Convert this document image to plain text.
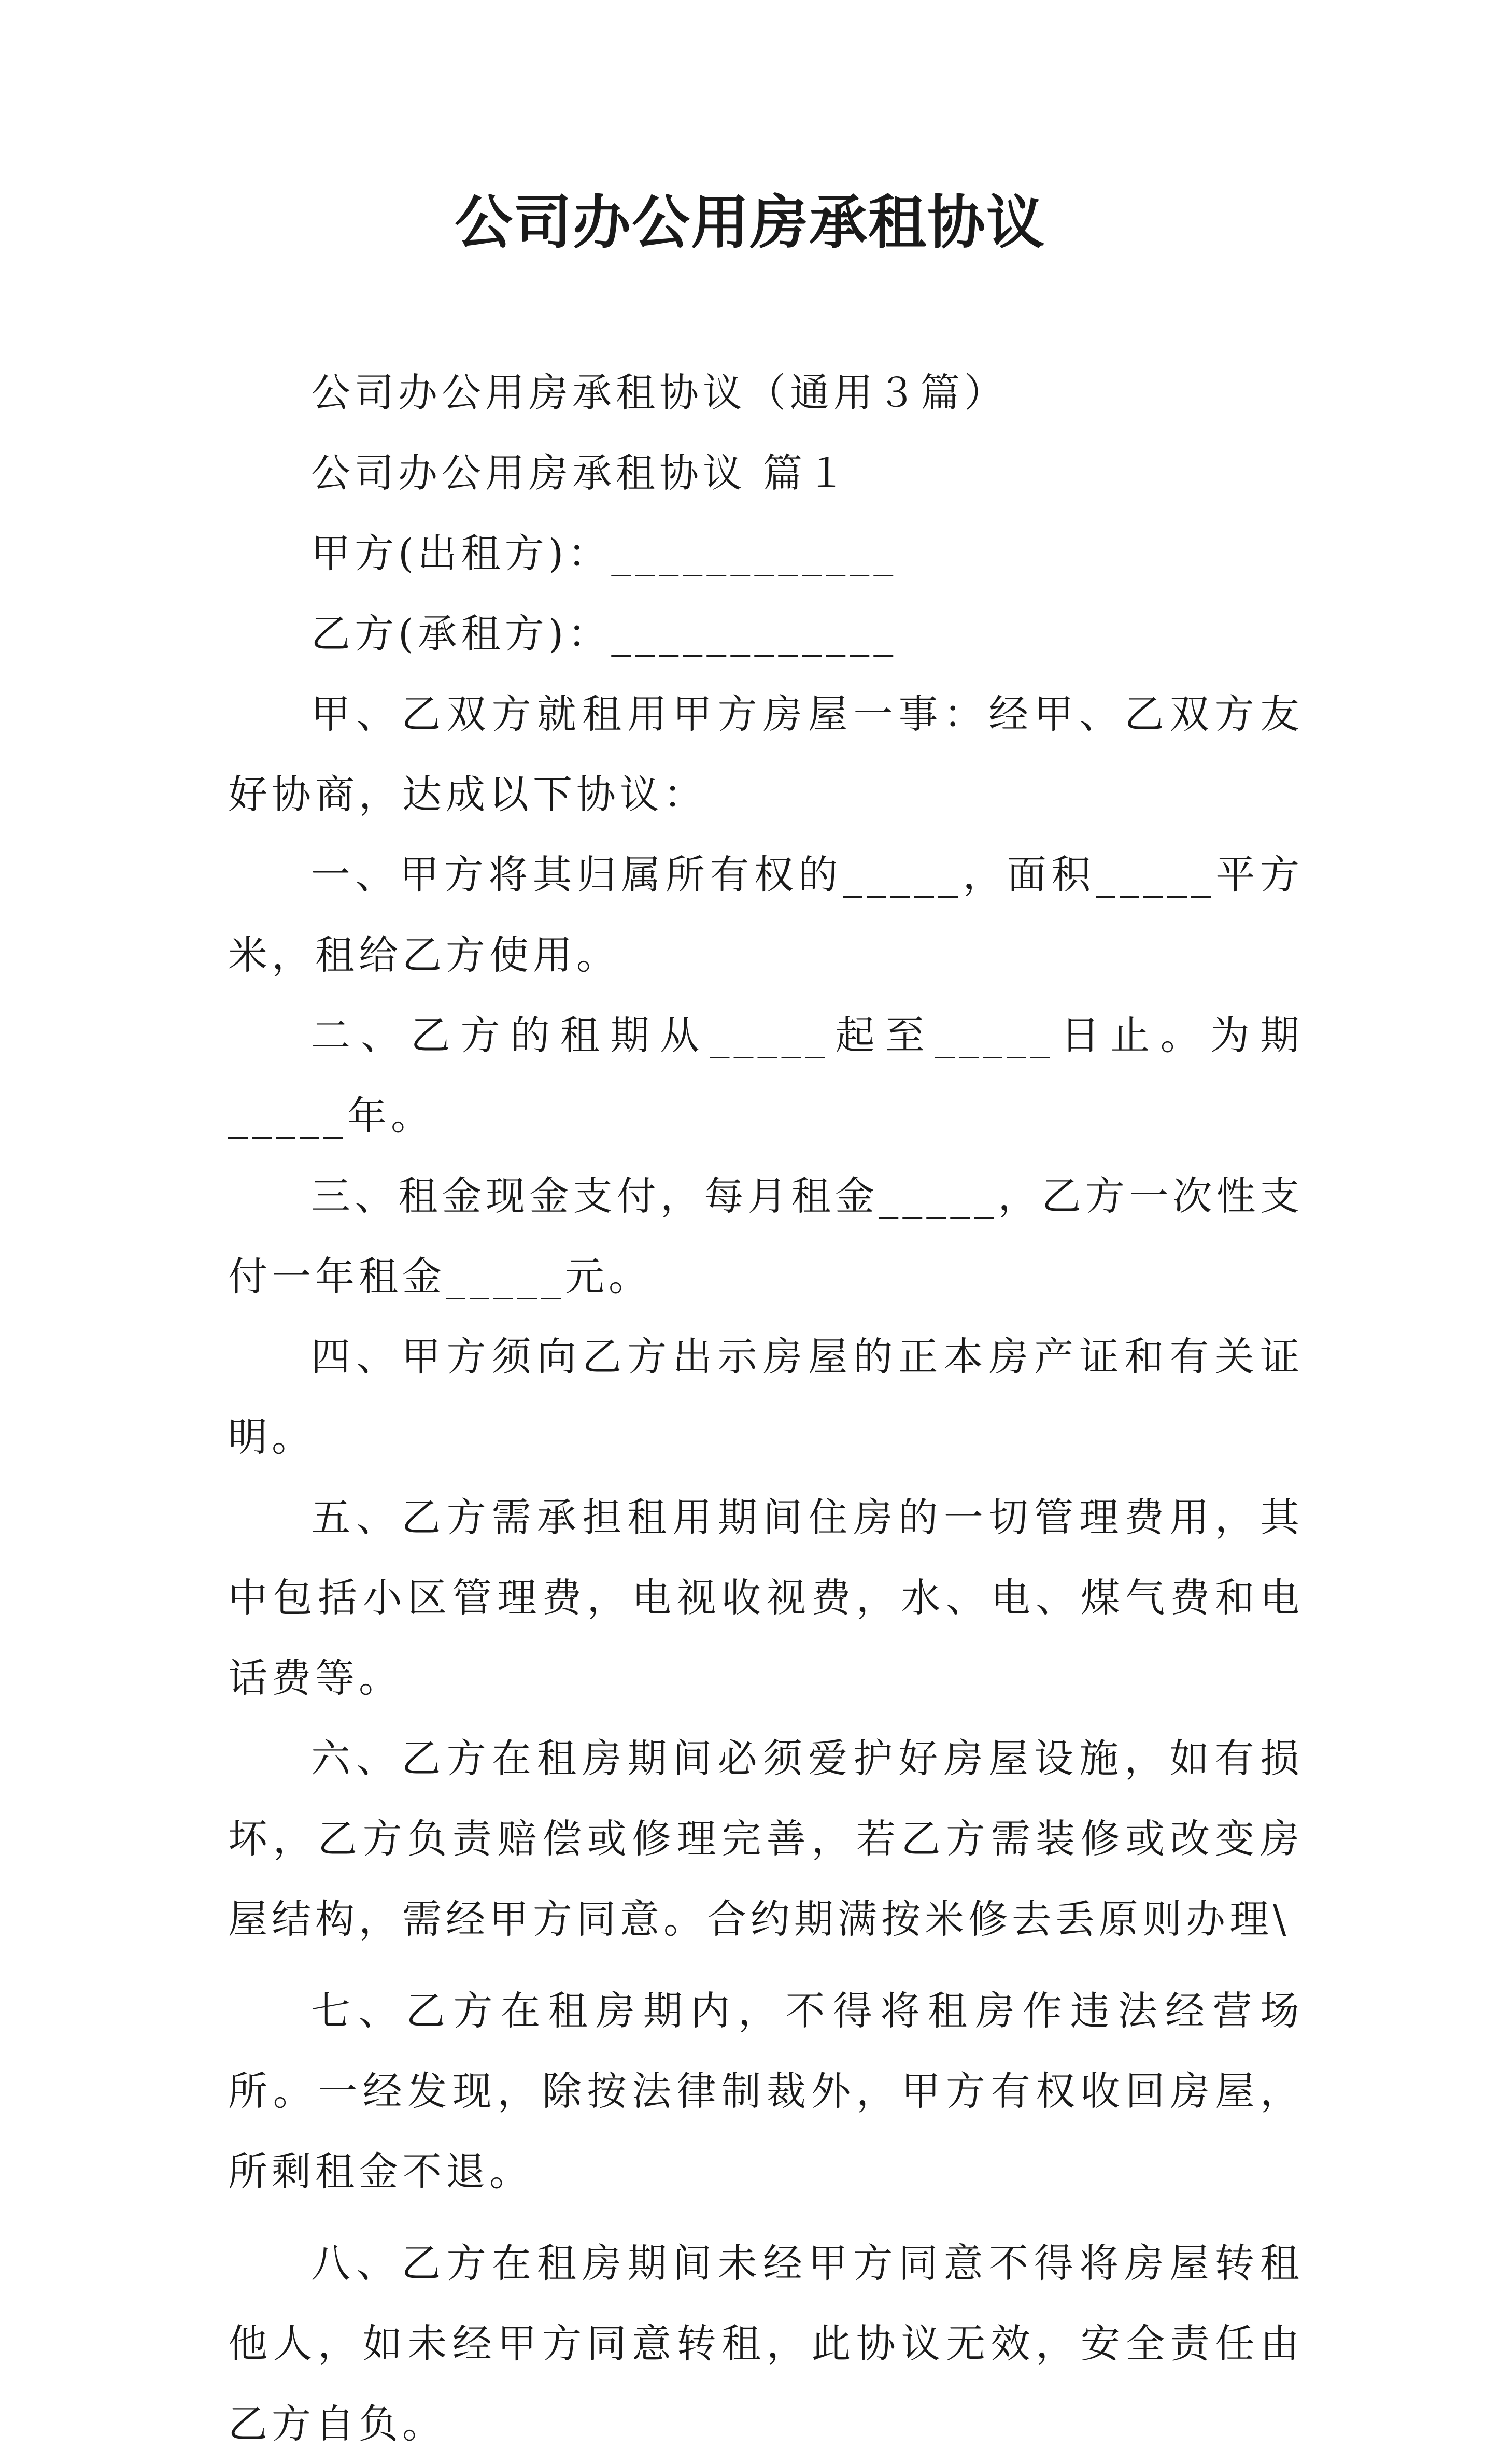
公司办公用房承租协议

公司办公用房承租协议（通用３篇）

公司办公用房承租协议 篇１

甲方(出租方)：____________

乙方(承租方)：____________

甲、乙双方就租用甲方房屋一事：经甲、乙双方友好协商，达成以下协议：

一、甲方将其归属所有权的_____，面积_____平方米，租给乙方使用。

二、乙方的租期从_____起至_____日止。为期_____年。

三、租金现金支付，每月租金_____，乙方一次性支付一年租金_____元。

四、甲方须向乙方出示房屋的正本房产证和有关证明。

五、乙方需承担租用期间住房的一切管理费用，其中包括小区管理费，电视收视费，水、电、煤气费和电话费等。

六、乙方在租房期间必须爱护好房屋设施，如有损坏，乙方负责赔偿或修理完善，若乙方需装修或改变房屋结构，需经甲方同意。合约期满按米修去丢原则办理\

七、乙方在租房期内，不得将租房作违法经营场所。一经发现，除按法律制裁外，甲方有权收回房屋，所剩租金不退。

八、乙方在租房期间未经甲方同意不得将房屋转租他人，如未经甲方同意转租，此协议无效，安全责任由乙方自负。
